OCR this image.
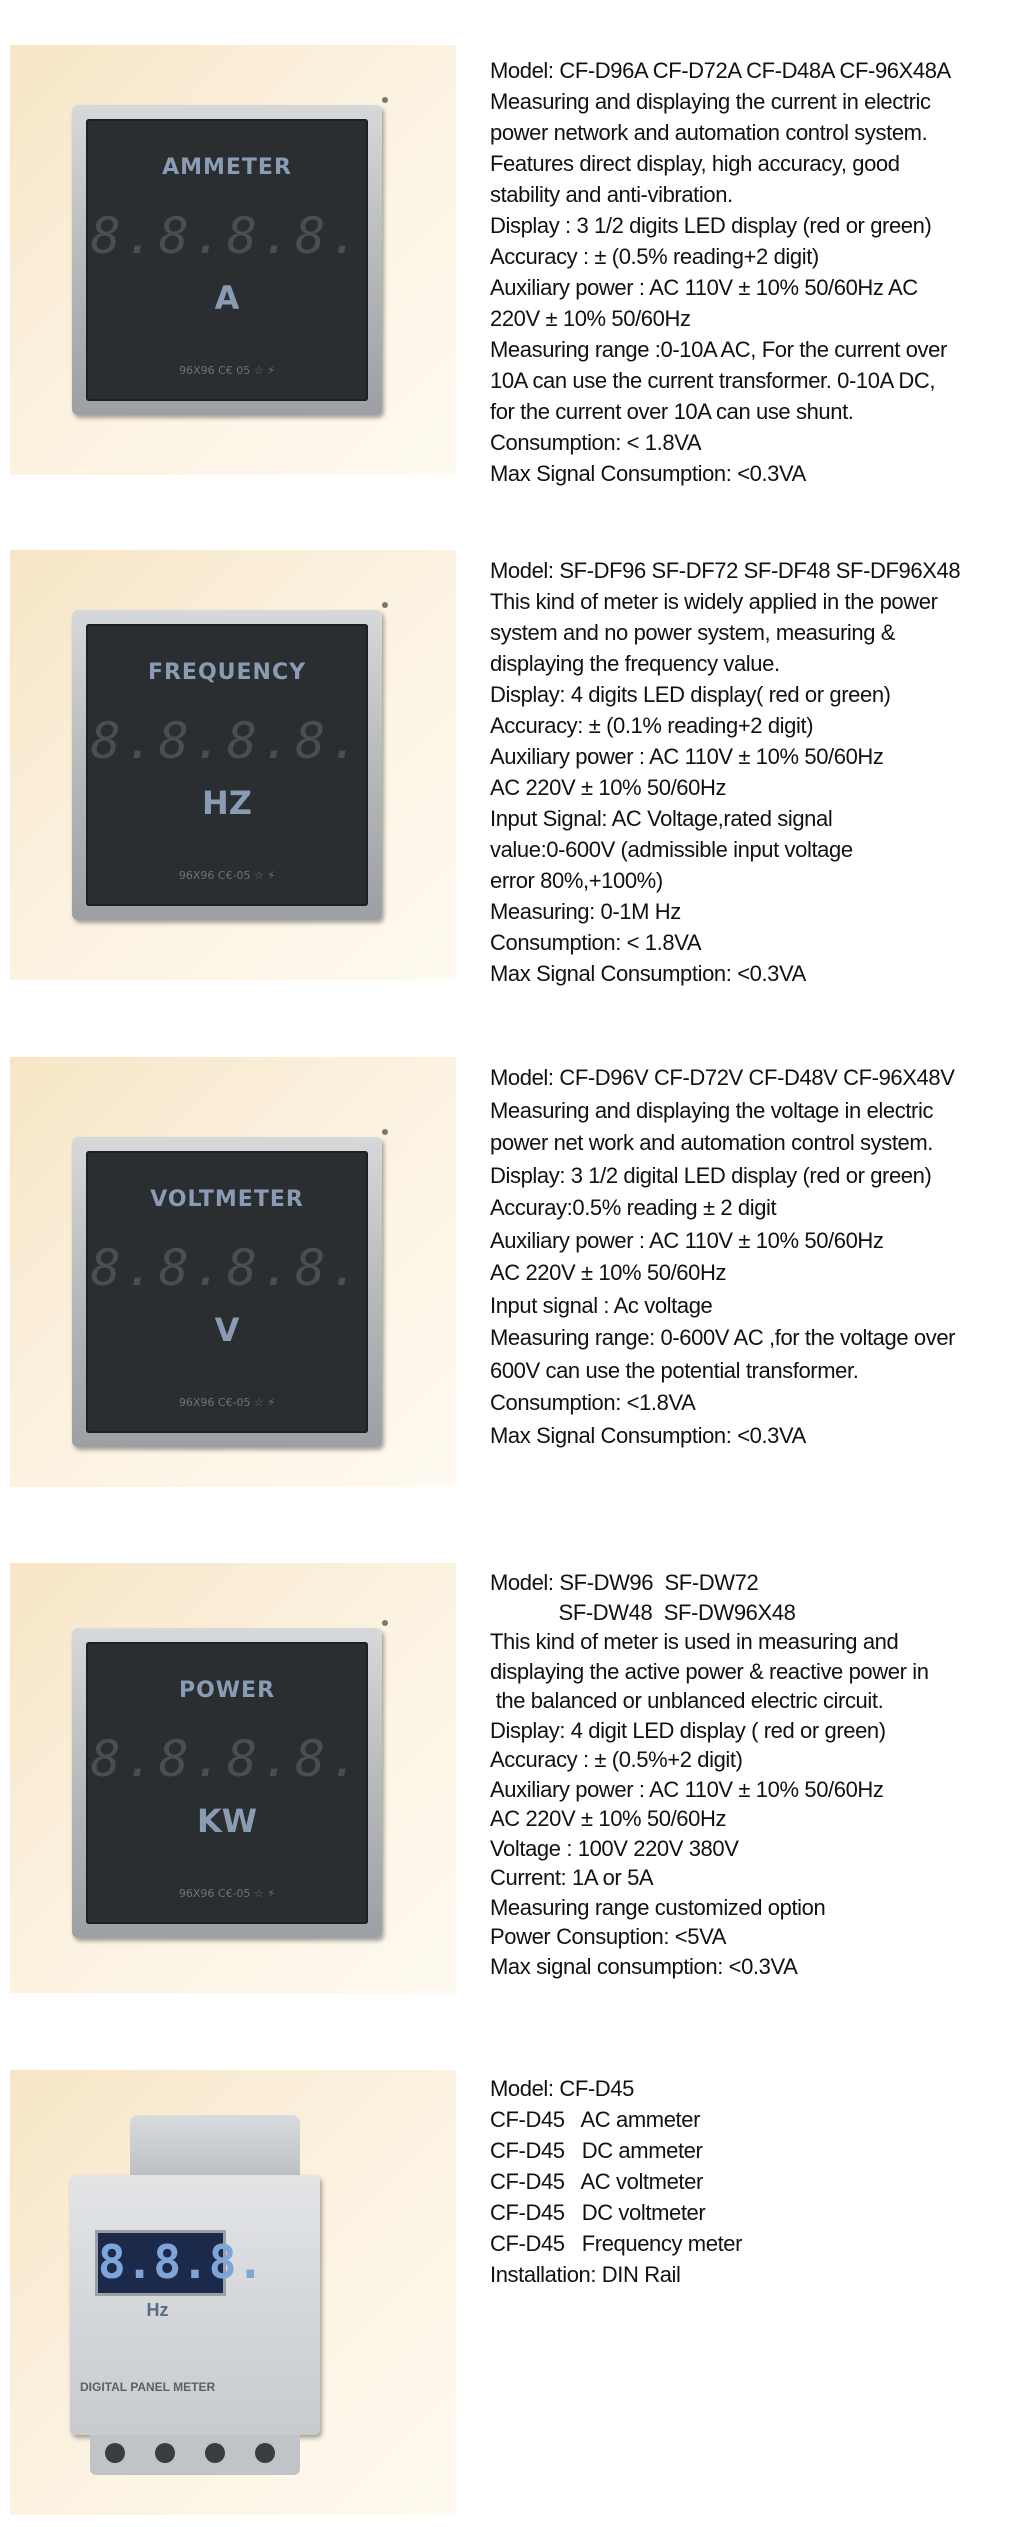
AMMETER
8.8.8.8.
A
96X96 C€ 05 ☆ ⚡
Model: CF-D96A CF-D72A CF-D48A CF-96X48A
Measuring and displaying the current in electric
power network and automation control system.
Features direct display, high accuracy, good
stability and anti-vibration.
Display : 3 1/2 digits LED display (red or green)
Accuracy : ± (0.5% reading+2 digit)
Auxiliary power : AC 110V ± 10% 50/60Hz AC
220V ± 10% 50/60Hz
Measuring range :0-10A AC, For the current over
10A can use the current transformer. 0-10A DC,
for the current over 10A can use shunt.
Consumption: < 1.8VA
Max Signal Consumption: <0.3VA
FREQUENCY
8.8.8.8.
HZ
96X96 C€-05 ☆ ⚡
Model: SF-DF96 SF-DF72 SF-DF48 SF-DF96X48
This kind of meter is widely applied in the power
system and no power system, measuring &
displaying the frequency value.
Display: 4 digits LED display( red or green)
Accuracy: ± (0.1% reading+2 digit)
Auxiliary power : AC 110V ± 10% 50/60Hz
AC 220V ± 10% 50/60Hz
Input Signal: AC Voltage,rated signal
value:0-600V (admissible input voltage
error 80%,+100%)
Measuring: 0-1M Hz
Consumption: < 1.8VA
Max Signal Consumption: <0.3VA
VOLTMETER
8.8.8.8.
V
96X96 C€-05 ☆ ⚡
Model: CF-D96V CF-D72V CF-D48V CF-96X48V
Measuring and displaying the voltage in electric
power net work and automation control system.
Display: 3 1/2 digital LED display (red or green)
Accuray:0.5% reading ± 2 digit
Auxiliary power : AC 110V ± 10% 50/60Hz
AC 220V ± 10% 50/60Hz
Input signal : Ac voltage
Measuring range: 0-600V AC ,for the voltage over
600V can use the potential transformer.
Consumption: <1.8VA
Max Signal Consumption: <0.3VA
POWER
8.8.8.8.
KW
96X96 C€-05 ☆ ⚡
Model: SF-DW96  SF-DW72
SF-DW48  SF-DW96X48
This kind of meter is used in measuring and
displaying the active power & reactive power in
the balanced or unblanced electric circuit.
Display: 4 digit LED display ( red or green)
Accuracy : ± (0.5%+2 digit)
Auxiliary power : AC 110V ± 10% 50/60Hz
AC 220V ± 10% 50/60Hz
Voltage : 100V 220V 380V
Current: 1A or 5A
Measuring range customized option
Power Consuption: <5VA
Max signal consumption: <0.3VA
8.8.8.
Hz
DIGITAL PANEL METER
Model: CF-D45
CF-D45   AC ammeter
CF-D45   DC ammeter
CF-D45   AC voltmeter
CF-D45   DC voltmeter
CF-D45   Frequency meter
Installation: DIN Rail
